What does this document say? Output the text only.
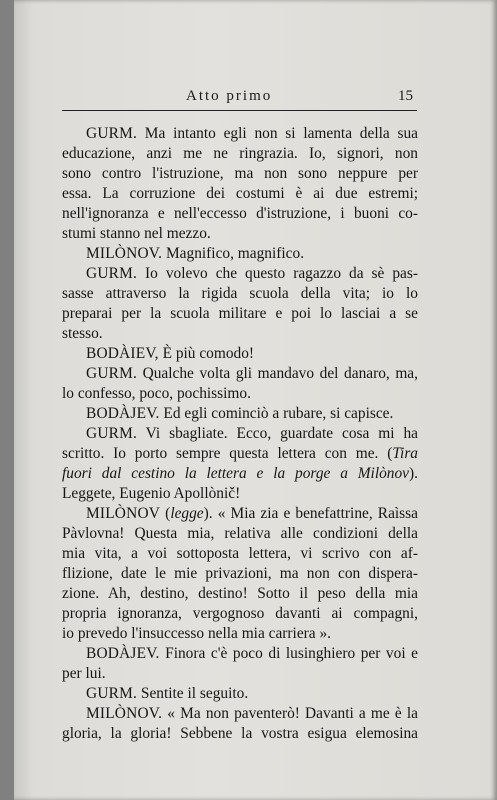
Atto primo	15
GURM. Ma intanto egli non si lamenta della sua
educazione, anzi me ne ringrazia. Io, signori, non
sono contro l'istruzione, ma non sono neppure per
essa. La corruzione dei costumi è ai due estremi;
nell'ignoranza e nell'eccesso d'istruzione, i buoni co-
stumi stanno nel mezzo.
MILÒNOV. Magnifico, magnifico.
GURM. Io volevo che questo ragazzo da sè pas-
sasse attraverso la rigida scuola della vita; io lo
preparai per la scuola militare e poi lo lasciai a se
stesso.
BODÀIEV, È più comodo!
GURM. Qualche volta gli mandavo del danaro, ma,
lo confesso, poco, pochissimo.
BODÀJEV. Ed egli cominciò a rubare, si capisce.
GURM. Vi sbagliate. Ecco, guardate cosa mi ha
scritto. Io porto sempre questa lettera con me. (Tira
fuori dal cestino la lettera e la porge a Milònov).
Leggete, Eugenio Apollònič!
MILÒNOV (legge). « Mia zia e benefattrine, Raìssa
Pàvlovna! Questa mia, relativa alle condizioni della
mia vita, a voi sottoposta lettera, vi scrivo con af-
flizione, date le mie privazioni, ma non con dispera-
zione. Ah, destino, destino! Sotto il peso della mia
propria ignoranza, vergognoso davanti ai compagni,
io prevedo l'insuccesso nella mia carriera ».
BODÀJEV. Finora c'è poco di lusinghiero per voi e
per lui.
GURM. Sentite il seguito.
MILÒNOV. « Ma non paventerò! Davanti a me è la
gloria, la gloria! Sebbene la vostra esigua elemosina
